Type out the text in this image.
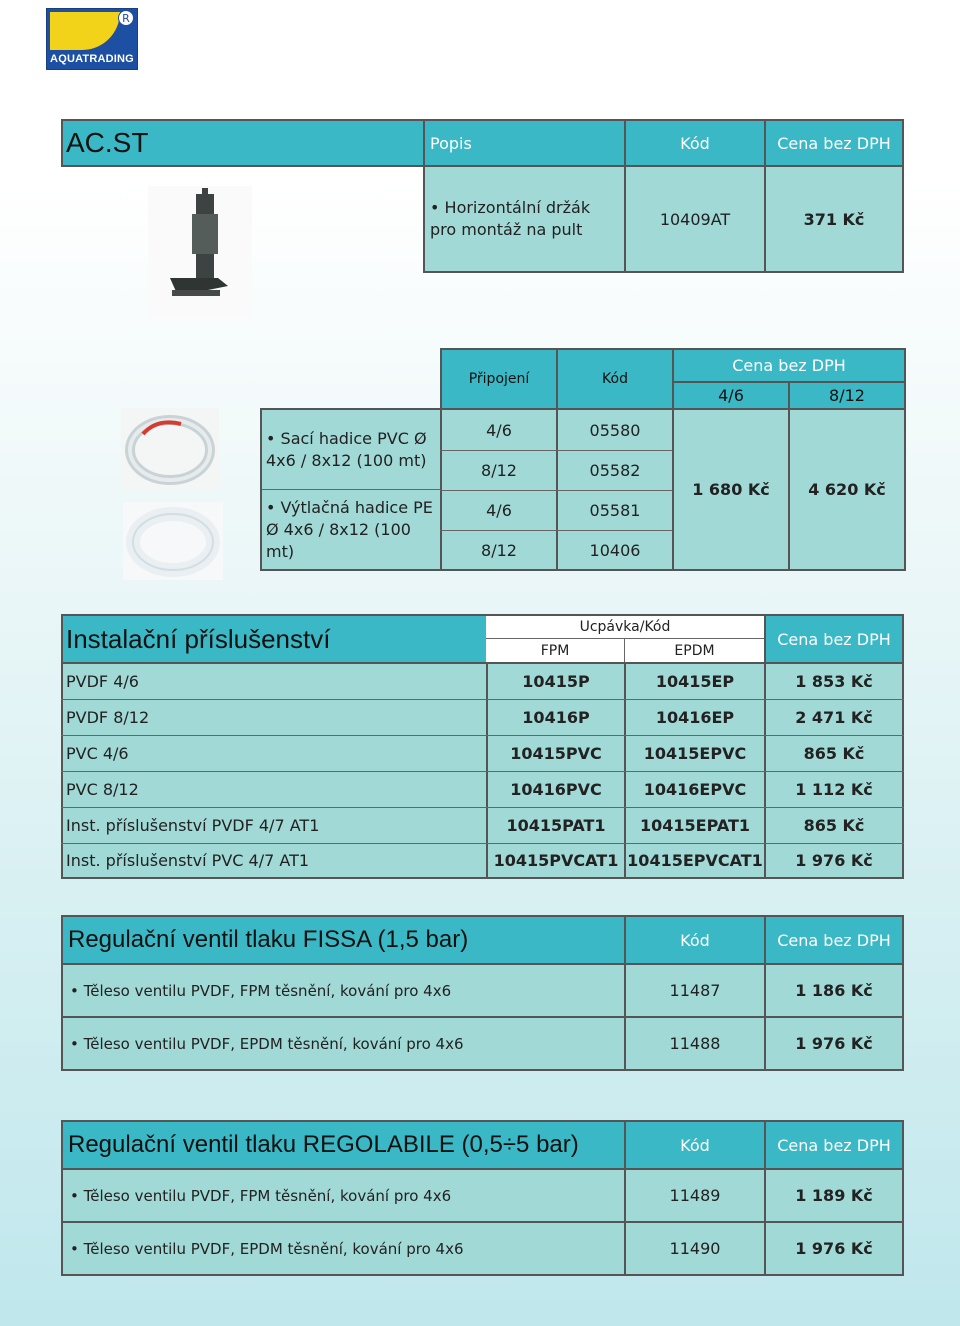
R
AQUATRADING
AC.ST	Popis	Kód	Cena bez DPH
• Horizontální držák pro montáž na pult
10409AT	371 Kč
Připojení	Kód
Cena bez DPH
4/6	8/12
• Sací hadice PVC Ø 4x6 / 8x12 (100 mt)
• Výtlačná hadice PE Ø 4x6 / 8x12 (100 mt)
4/6	05580
8/12	05582
4/6	05581
8/12	10406
1 680 Kč	4 620 Kč
Instalační příslušenství	Ucpávka/Kód
FPM	EPDM
Cena bez DPH
PVDF 4/6	10415P	10415EP	1 853 Kč
PVDF 8/12	10416P	10416EP	2 471 Kč
PVC 4/6	10415PVC	10415EPVC	865 Kč
PVC 8/12	10416PVC	10416EPVC	1 112 Kč
Inst. příslušenství PVDF 4/7 AT1	10415PAT1	10415EPAT1	865 Kč
Inst. příslušenství PVC 4/7 AT1	10415PVCAT1 10415EPVCAT1	1 976 Kč
Regulační ventil tlaku FISSA (1,5 bar)	Kód	Cena bez DPH
• Těleso ventilu PVDF, FPM těsnění, kování pro 4x6	11487	1 186 Kč
• Těleso ventilu PVDF, EPDM těsnění, kování pro 4x6	11488	1 976 Kč
Regulační ventil tlaku REGOLABILE (0,5÷5 bar)	Kód	Cena bez DPH
• Těleso ventilu PVDF, FPM těsnění, kování pro 4x6	11489	1 189 Kč
• Těleso ventilu PVDF, EPDM těsnění, kování pro 4x6	11490	1 976 Kč
